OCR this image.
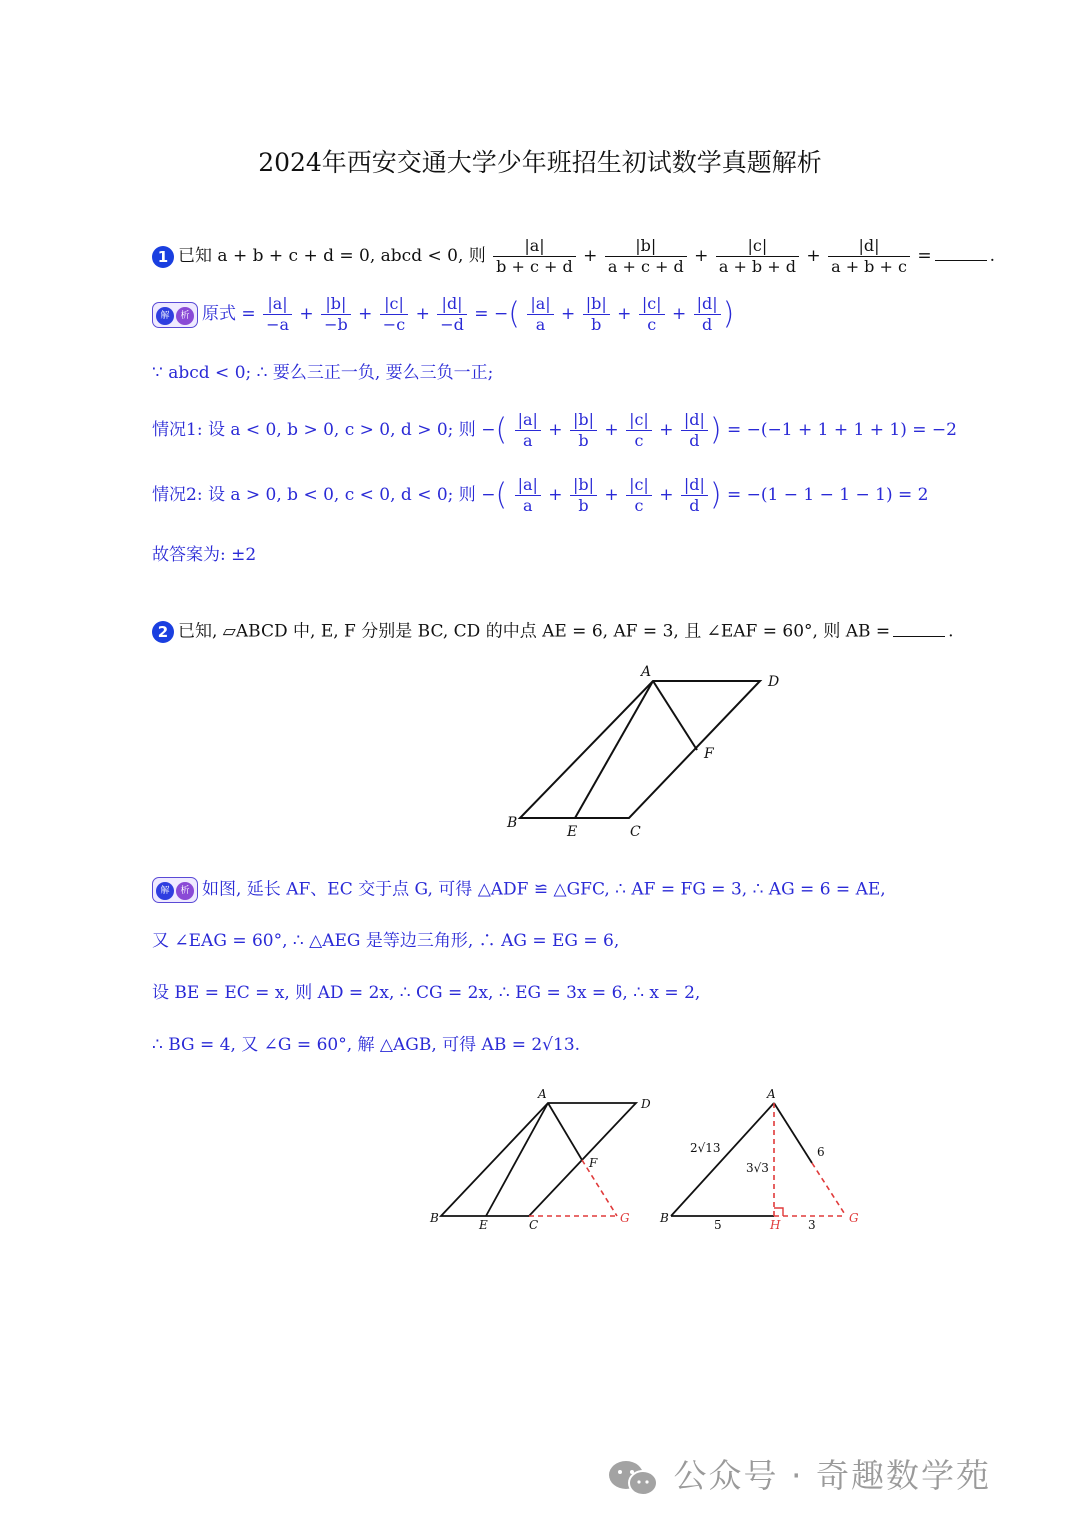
2024年西安交通大学少年班招生初试数学真题解析
1 已知 a + b + c + d = 0, abcd < 0, 则 $\frac{|a|}{b + c + d} + \frac{|b|}{a + c + d} + \frac{|c|}{a + b + d} + \frac{|d|}{a + b + c}$ =	.
解 析 原式 = $\frac{|a|}{-a} + \frac{|b|}{-b} + \frac{|c|}{-c} + \frac{|d|}{-d}$ = −( $\frac{|a|}{a} + \frac{|b|}{b} + \frac{|c|}{c} + \frac{|d|}{d}$ )
∵ abcd < 0; ∴ 要么三正一负, 要么三负一正;
情况1: 设 a < 0, b > 0, c > 0, d > 0; 则 −( $\frac{|a|}{a} + \frac{|b|}{b} + \frac{|c|}{c} + \frac{|d|}{d}$ ) = −(−1 + 1 + 1 + 1) = −2
情况2: 设 a > 0, b < 0, c < 0, d < 0; 则 −( $\frac{|a|}{a} + \frac{|b|}{b} + \frac{|c|}{c} + \frac{|d|}{d}$ ) = −(1 − 1 − 1 − 1) = 2
故答案为: ±2
2 已知, ▱ABCD 中, E, F 分别是 BC, CD 的中点 AE = 6, AF = 3, 且 ∠EAF = 60°, 则 AB =	.
A
D
F
B
E	C
解 析 如图, 延长 AF、EC 交于点 G, 可得 △ADF ≌ △GFC, ∴ AF = FG = 3, ∴ AG = 6 = AE,
又 ∠EAG = 60°, ∴ △AEG 是等边三角形, ∴ AG = EG = 6,
设 BE = EC = x, 则 AD = 2x, ∴ CG = 2x, ∴ EG = 3x = 6, ∴ x = 2,
∴ BG = 4, 又 ∠G = 60°, 解 △AGB, 可得 AB = 2√13.
A
D
F
B	E	C	G
A
B	H	G
2√13
3√3
6
5	3
公众号 · 奇趣数学苑
